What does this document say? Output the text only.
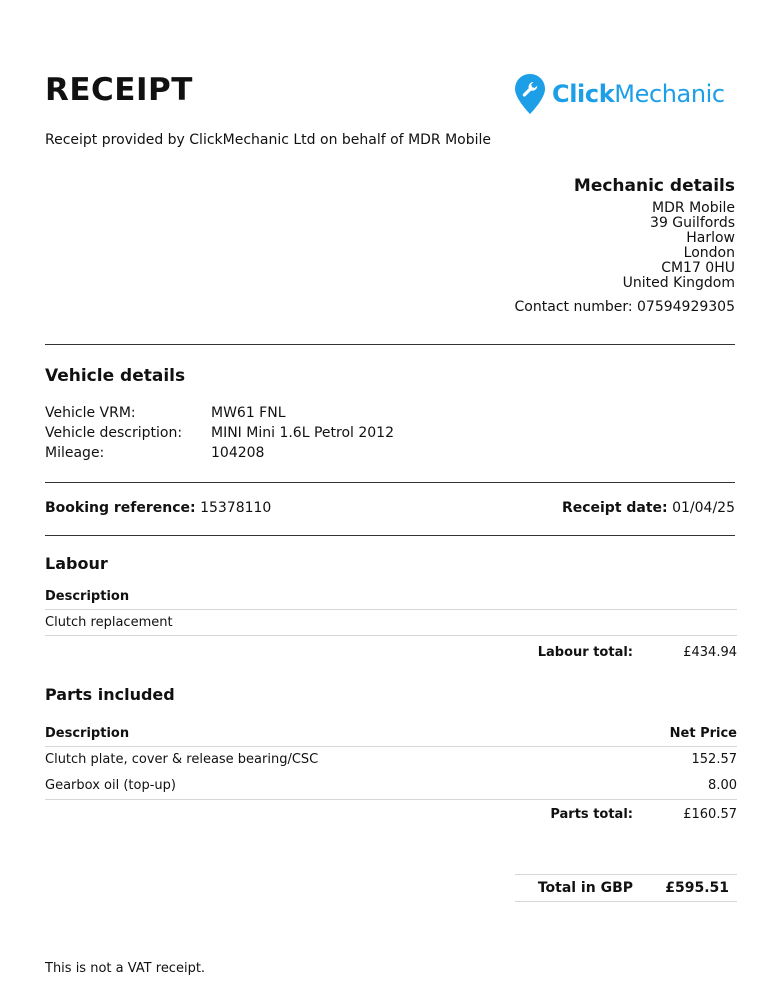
RECEIPT	ClickMechanic
Receipt provided by ClickMechanic Ltd on behalf of MDR Mobile
Mechanic details
MDR Mobile
39 Guilfords
Harlow
London
CM17 0HU
United Kingdom
Contact number: 07594929305
Vehicle details
Vehicle VRM:	MW61 FNL
Vehicle description: MINI Mini 1.6L Petrol 2012
Mileage:	104208
Booking reference: 15378110	Receipt date: 01/04/25
Labour
Description
Clutch replacement
Labour total:	£434.94
Parts included
Description	Net Price
Clutch plate, cover & release bearing/CSC	152.57
Gearbox oil (top-up)	8.00
Parts total:	£160.57
Total in GBP	£595.51
This is not a VAT receipt.
